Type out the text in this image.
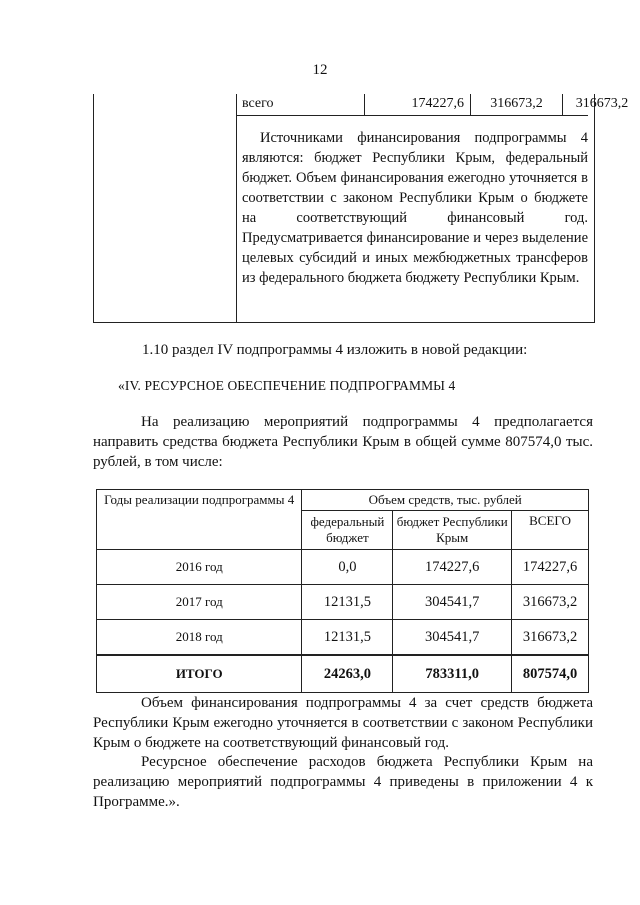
12
всего	174227,6	316673,2	316673,2
Источниками финансирования подпрограммы 4 являются: бюджет Республики Крым, федеральный бюджет. Объем финансирования ежегодно уточняется в соответствии с законом Республики Крым о бюджете на соответствующий финансовый год. Предусматривается финансирование и через выделение целевых субсидий и иных межбюджетных трансферов из федерального бюджета бюджету Республики Крым.
1.10 раздел IV подпрограммы 4 изложить в новой редакции:
«IV. РЕСУРСНОЕ ОБЕСПЕЧЕНИЕ ПОДПРОГРАММЫ 4
На реализацию мероприятий подпрограммы 4 предполагается направить средства бюджета Республики Крым в общей сумме 807574,0 тыс. рублей, в том числе:
Годы реализации подпрограммы 4	Объем средств, тыс. рублей		
	федеральный бюджет	бюджет Республики Крым	ВСЕГО
2016 год	0,0	174227,6	174227,6
2017 год	12131,5	304541,7	316673,2
2018 год	12131,5	304541,7	316673,2
ИТОГО	24263,0	783311,0	807574,0
Объем финансирования подпрограммы 4 за счет средств бюджета Республики Крым ежегодно уточняется в соответствии с законом Республики Крым о бюджете на соответствующий финансовый год.
Ресурсное обеспечение расходов бюджета Республики Крым на реализацию мероприятий подпрограммы 4 приведены в приложении 4 к Программе.».
